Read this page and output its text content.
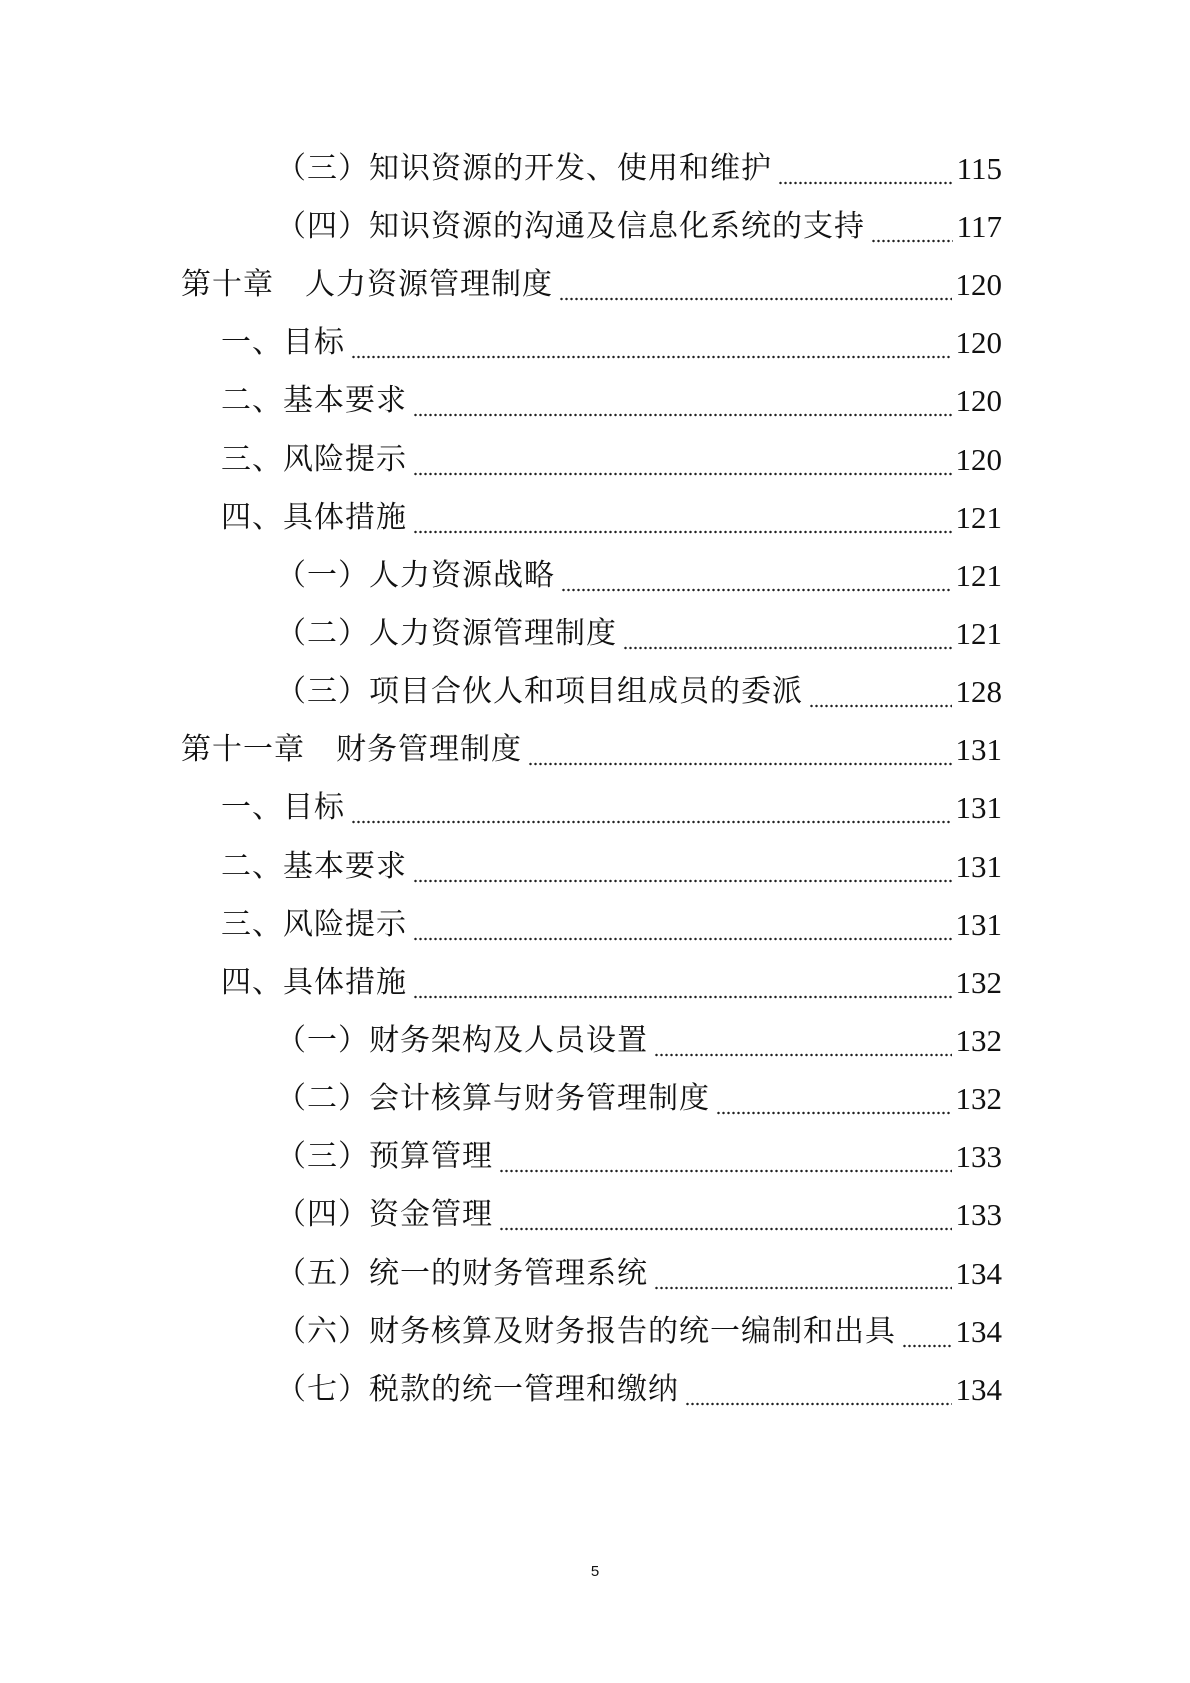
（三）知识资源的开发、使用和维护	115
（四）知识资源的沟通及信息化系统的支持	117
第十章　人力资源管理制度	120
一、目标	120
二、基本要求	120
三、风险提示	120
四、具体措施	121
（一）人力资源战略	121
（二）人力资源管理制度	121
（三）项目合伙人和项目组成员的委派	128
第十一章　财务管理制度	131
一、目标	131
二、基本要求	131
三、风险提示	131
四、具体措施	132
（一）财务架构及人员设置	132
（二）会计核算与财务管理制度	132
（三）预算管理	133
（四）资金管理	133
（五）统一的财务管理系统	134
（六）财务核算及财务报告的统一编制和出具 134
（七）税款的统一管理和缴纳	134
5
